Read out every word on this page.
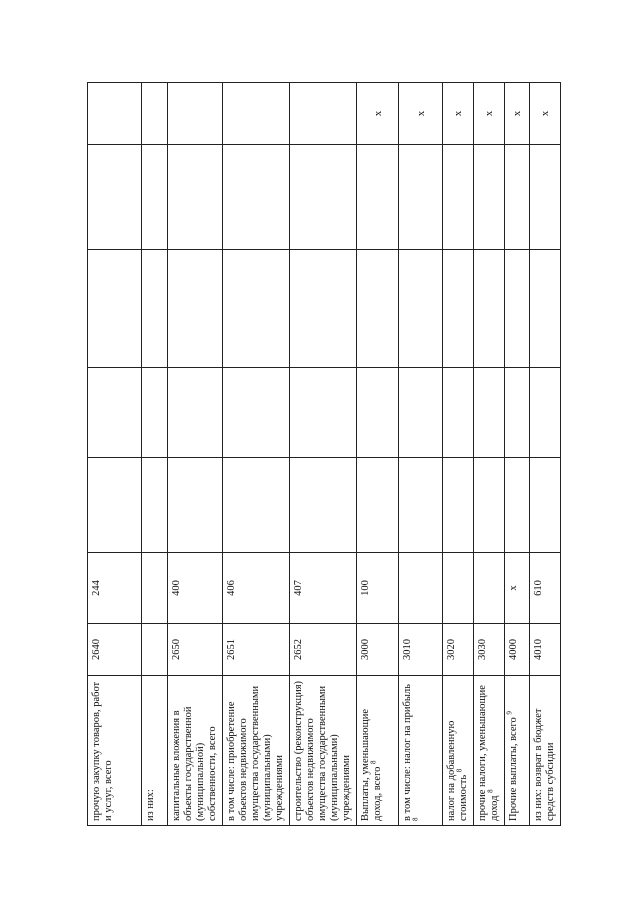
прочую закупку товаров, работ и услуг, всего	2640	244					
из них:							
капитальные вложения в объекты государственной (муниципальной) собственности, всего	2650	400					
в том числе: приобретение объектов недвижимого имущества государственными (муниципальными) учреждениями	2651	406					
строительство (реконструкция) объектов недвижимого имущества государственными (муниципальными) учреждениями	2652	407					
Выплаты, уменьшающие доход, всего $^8$	3000	100					х
в том числе: налог на прибыль $^8$	3010						х
налог на добавленную стоимость $^8$	3020						х
прочие налоги, уменьшающие доход $^8$	3030						х
Прочие выплаты, всего $^9$	4000	х					х
из них: возврат в бюджет средств субсидии	4010	610					х
